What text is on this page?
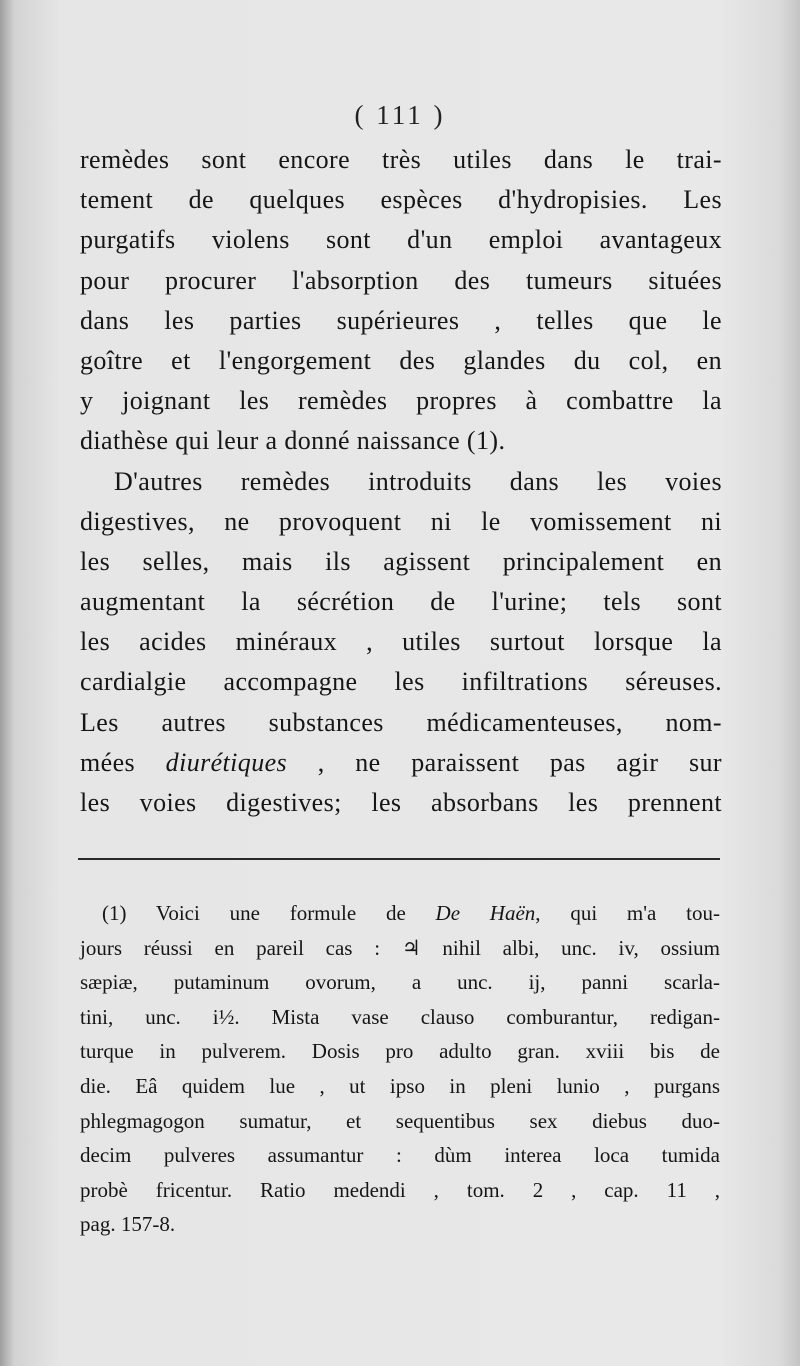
( 111 )
remèdes sont encore très utiles dans le trai-
tement de quelques espèces d'hydropisies. Les
purgatifs violens sont d'un emploi avantageux
pour procurer l'absorption des tumeurs situées
dans les parties supérieures , telles que le
goître et l'engorgement des glandes du col, en
y joignant les remèdes propres à combattre la
diathèse qui leur a donné naissance (1).
D'autres remèdes introduits dans les voies
digestives, ne provoquent ni le vomissement ni
les selles, mais ils agissent principalement en
augmentant la sécrétion de l'urine; tels sont
les acides minéraux , utiles surtout lorsque la
cardialgie accompagne les infiltrations séreuses.
Les autres substances médicamenteuses, nom-
mées diurétiques , ne paraissent pas agir sur
les voies digestives; les absorbans les prennent
(1) Voici une formule de De Haën, qui m'a tou-
jours réussi en pareil cas : ♃ nihil albi, unc. iv, ossium
sæpiæ, putaminum ovorum, a unc. ij, panni scarla-
tini, unc. i½. Mista vase clauso comburantur, redigan-
turque in pulverem. Dosis pro adulto gran. xviii bis de
die. Eâ quidem lue , ut ipso in pleni lunio , purgans
phlegmagogon sumatur, et sequentibus sex diebus duo-
decim pulveres assumantur : dùm interea loca tumida
probè fricentur. Ratio medendi , tom. 2 , cap. 11 ,
pag. 157-8.
